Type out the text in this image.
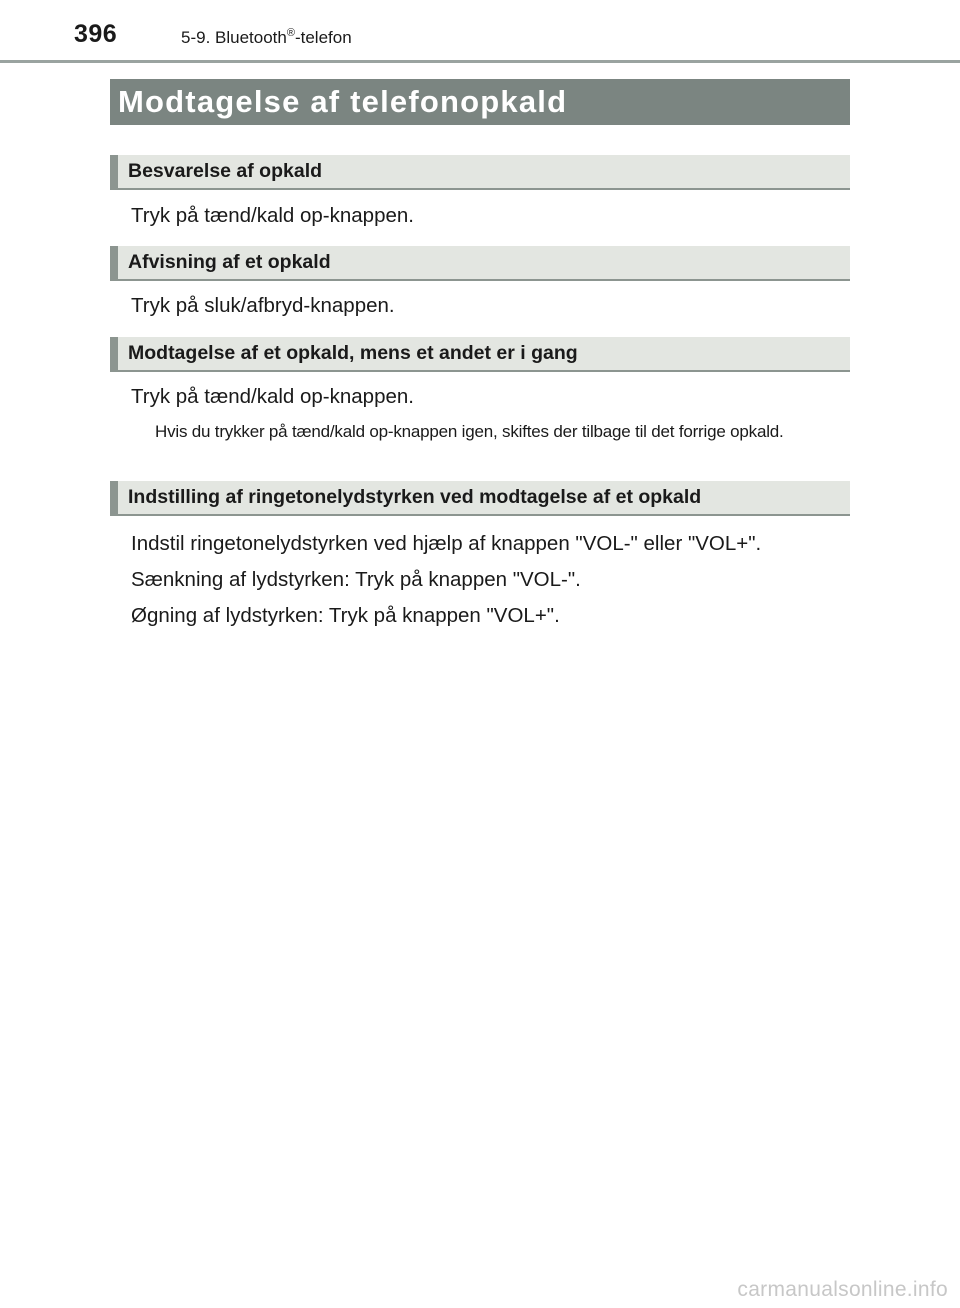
396	5-9. Bluetooth®-telefon
Modtagelse af telefonopkald
Besvarelse af opkald
Tryk på tænd/kald op-knappen.
Afvisning af et opkald
Tryk på sluk/afbryd-knappen.
Modtagelse af et opkald, mens et andet er i gang
Tryk på tænd/kald op-knappen.
Hvis du trykker på tænd/kald op-knappen igen, skiftes der tilbage til det forrige opkald.
Indstilling af ringetonelydstyrken ved modtagelse af et opkald
Indstil ringetonelydstyrken ved hjælp af knappen "VOL-" eller "VOL+".
Sænkning af lydstyrken: Tryk på knappen "VOL-".
Øgning af lydstyrken: Tryk på knappen "VOL+".
carmanualsonline.info
